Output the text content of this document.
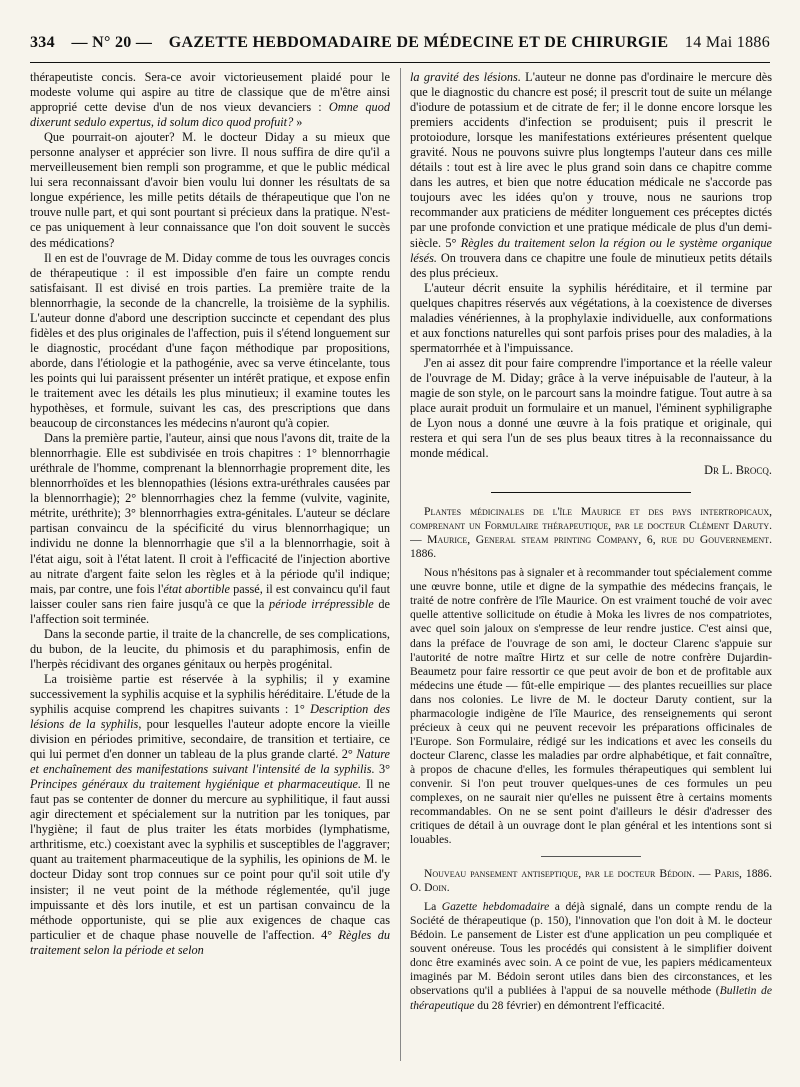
334 — N° 20 — GAZETTE HEBDOMADAIRE DE MÉDECINE ET DE CHIRURGIE 14 Mai 1886

thérapeutiste concis. Sera-ce avoir victorieusement plaidé pour le modeste volume qui aspire au titre de classique que de m'être ainsi approprié cette devise d'un de nos vieux devanciers : Omne quod dixerunt sedulo expertus, id solum dico quod profuit? »

Que pourrait-on ajouter? M. le docteur Diday a su mieux que personne analyser et apprécier son livre. Il nous suffira de dire qu'il a merveilleusement bien rempli son programme, et que le public médical lui sera reconnaissant d'avoir bien voulu lui donner les résultats de sa longue expérience, les mille petits détails de thérapeutique que l'on ne trouve nulle part, et qui sont pourtant si précieux dans la pratique. N'est-ce pas uniquement à leur connaissance que l'on doit souvent le succès des médications?

Il en est de l'ouvrage de M. Diday comme de tous les ouvrages concis de thérapeutique : il est impossible d'en faire un compte rendu satisfaisant. Il est divisé en trois parties. La première traite de la blennorrhagie, la seconde de la chancrelle, la troisième de la syphilis. L'auteur donne d'abord une description succincte et cependant des plus fidèles et des plus originales de l'affection, puis il s'étend longuement sur le diagnostic, procédant d'une façon méthodique par propositions, aborde, dans l'étiologie et la pathogénie, avec sa verve étincelante, tous les points qui lui paraissent présenter un intérêt pratique, et expose enfin le traitement avec les détails les plus minutieux; il examine toutes les hypothèses, et formule, suivant les cas, des prescriptions que dans beaucoup de circonstances les médecins n'auront qu'à copier.

Dans la première partie, l'auteur, ainsi que nous l'avons dit, traite de la blennorrhagie. Elle est subdivisée en trois chapitres : 1° blennorrhagie uréthrale de l'homme, comprenant la blennorrhagie proprement dite, les blennorrhoïdes et les blennopathies (lésions extra-uréthrales causées par la blennorrhagie); 2° blennorrhagies chez la femme (vulvite, vaginite, métrite, uréthrite); 3° blennorrhagies extra-génitales. L'auteur se déclare partisan convaincu de la spécificité du virus blennorrhagique; un individu ne donne la blennorrhagie que s'il a la blennorrhagie, soit à l'état aigu, soit à l'état latent. Il croit à l'efficacité de l'injection abortive au nitrate d'argent faite selon les règles et à la période qu'il indique; mais, par contre, une fois l'état abortible passé, il est convaincu qu'il faut laisser couler sans rien faire jusqu'à ce que la période irrépressible de l'affection soit terminée.

Dans la seconde partie, il traite de la chancrelle, de ses complications, du bubon, de la leucite, du phimosis et du paraphimosis, enfin de l'herpès récidivant des organes génitaux ou herpès progénital.

La troisième partie est réservée à la syphilis; il y examine successivement la syphilis acquise et la syphilis héréditaire. L'étude de la syphilis acquise comprend les chapitres suivants : 1° Description des lésions de la syphilis, pour lesquelles l'auteur adopte encore la vieille division en périodes primitive, secondaire, de transition et tertiaire, ce qui lui permet d'en donner un tableau de la plus grande clarté. 2° Nature et enchaînement des manifestations suivant l'intensité de la syphilis. 3° Principes généraux du traitement hygiénique et pharmaceutique. Il ne faut pas se contenter de donner du mercure au syphilitique, il faut aussi agir directement et spécialement sur la nutrition par les toniques, par l'hygiène; il faut de plus traiter les états morbides (lymphatisme, arthritisme, etc.) coexistant avec la syphilis et susceptibles de l'aggraver; quant au traitement pharmaceutique de la syphilis, les opinions de M. le docteur Diday sont trop connues sur ce point pour qu'il soit utile d'y insister; il ne veut point de la méthode réglementée, qu'il juge impuissante et dès lors inutile, et est un partisan convaincu de la méthode opportuniste, qui se plie aux exigences de chaque cas particulier et de chaque phase nouvelle de l'affection. 4° Règles du traitement selon la période et selon

la gravité des lésions. L'auteur ne donne pas d'ordinaire le mercure dès que le diagnostic du chancre est posé; il prescrit tout de suite un mélange d'iodure de potassium et de citrate de fer; il le donne encore lorsque les premiers accidents d'infection se produisent; puis il prescrit le protoiodure, lorsque les manifestations extérieures présentent quelque gravité. Nous ne pouvons suivre plus longtemps l'auteur dans ces mille détails : tout est à lire avec le plus grand soin dans ce chapitre comme dans les autres, et bien que notre éducation médicale ne s'accorde pas toujours avec les idées qu'on y trouve, nous ne saurions trop recommander aux praticiens de méditer longuement ces préceptes dictés par une profonde conviction et une pratique médicale de plus d'un demi-siècle. 5° Règles du traitement selon la région ou le système organique lésés. On trouvera dans ce chapitre une foule de minutieux petits détails des plus précieux.

L'auteur décrit ensuite la syphilis héréditaire, et il termine par quelques chapitres réservés aux végétations, à la coexistence de diverses maladies vénériennes, à la prophylaxie individuelle, aux conformations et aux fonctions naturelles qui sont parfois prises pour des maladies, à la spermatorrhée et à l'impuissance.

J'en ai assez dit pour faire comprendre l'importance et la réelle valeur de l'ouvrage de M. Diday; grâce à la verve inépuisable de l'auteur, à la magie de son style, on le parcourt sans la moindre fatigue. Tout autre à sa place aurait produit un formulaire et un manuel, l'éminent syphiligraphe de Lyon nous a donné une œuvre à la fois pratique et originale, qui restera et qui sera l'un de ses plus beaux titres à la reconnaissance du monde médical.

Dr L. Brocq.

Plantes médicinales de l'île Maurice et des pays intertropicaux, comprenant un Formulaire thérapeutique, par le docteur Clément Daruty. — Maurice, General steam printing Company, 6, rue du Gouvernement. 1886.

Nous n'hésitons pas à signaler et à recommander tout spécialement comme une œuvre bonne, utile et digne de la sympathie des médecins français, le traité de notre confrère de l'île Maurice. On est vraiment touché de voir avec quelle attentive sollicitude on étudie à Moka les livres de nos compatriotes, avec quel soin jaloux on s'empresse de leur rendre justice. C'est ainsi que, dans la préface de l'ouvrage de son ami, le docteur Clarenc s'appuie sur l'autorité de notre maître Hirtz et sur celle de notre confrère Dujardin-Beaumetz pour faire ressortir ce que peut avoir de bon et de profitable aux médecins une étude — fût-elle empirique — des plantes recueillies sur place dans nos colonies. Le livre de M. le docteur Daruty contient, sur la pharmacologie indigène de l'île Maurice, des renseignements qui seront précieux à ceux qui ne peuvent recevoir les préparations officinales de l'Europe. Son Formulaire, rédigé sur les indications et avec les conseils du docteur Clarenc, classe les maladies par ordre alphabétique, et fait connaître, à propos de chacune d'elles, les formules thérapeutiques qui semblent lui convenir. Si l'on peut trouver quelques-unes de ces formules un peu complexes, on ne saurait nier qu'elles ne puissent être à certains moments recommandables. On ne se sent point d'ailleurs le désir d'adresser des critiques de détail à un ouvrage dont le plan général et les intentions sont si louables.

Nouveau pansement antiseptique, par le docteur Bédoin. — Paris, 1886. O. Doin.

La Gazette hebdomadaire a déjà signalé, dans un compte rendu de la Société de thérapeutique (p. 150), l'innovation que l'on doit à M. le docteur Bédoin. Le pansement de Lister est d'une application un peu compliquée et souvent onéreuse. Tous les procédés qui consistent à le simplifier doivent donc être examinés avec soin. A ce point de vue, les papiers médicamenteux imaginés par M. Bédoin seront utiles dans bien des circonstances, et les observations qu'il a publiées à l'appui de sa nouvelle méthode (Bulletin de thérapeutique du 28 février) en démontrent l'efficacité.
